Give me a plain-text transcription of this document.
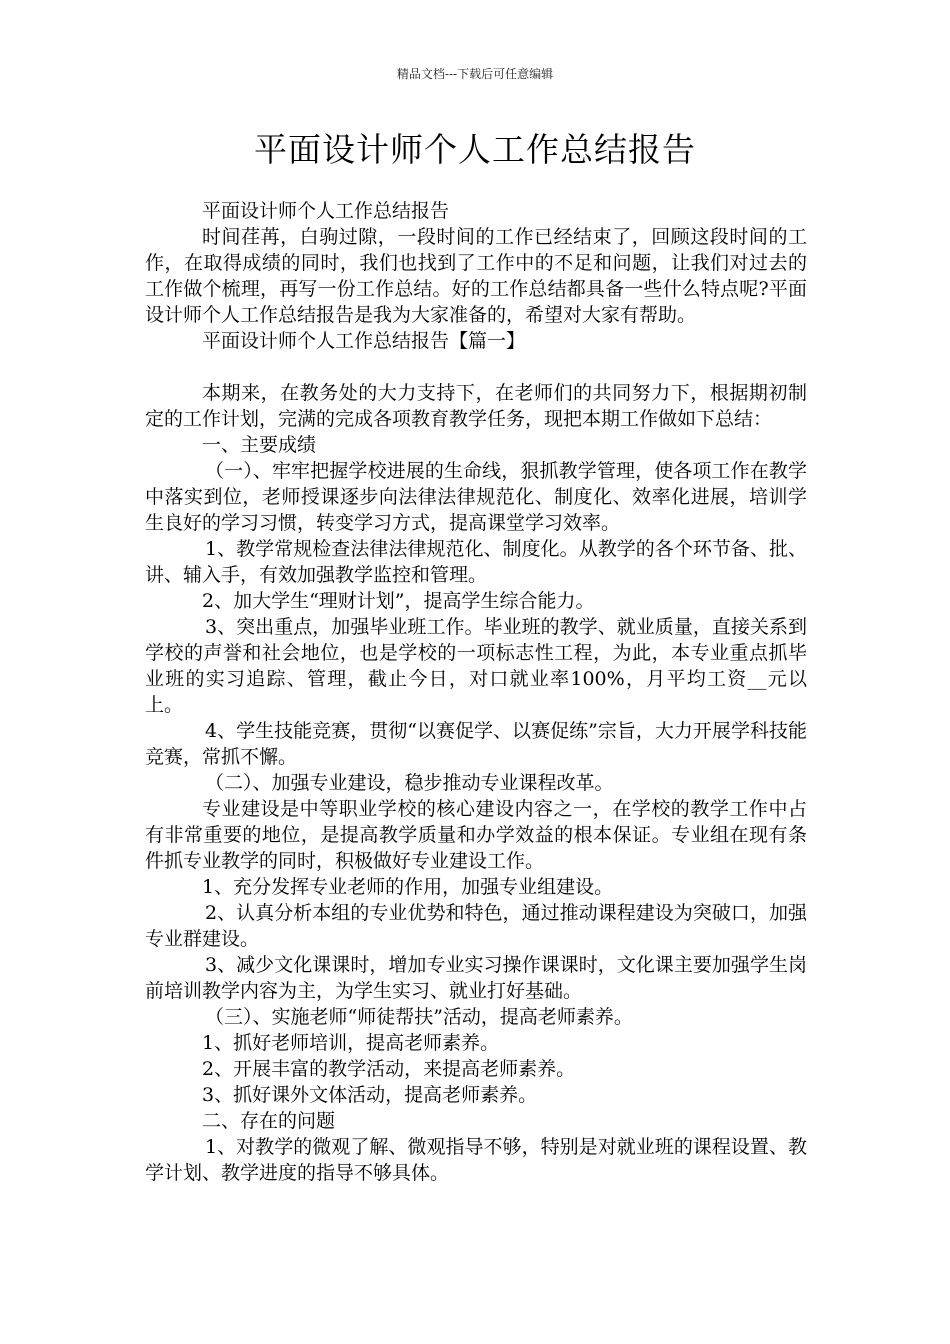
精品文档---下载后可任意编辑
平面设计师个人工作总结报告

平面设计师个人工作总结报告

时间荏苒，白驹过隙，一段时间的工作已经结束了，回顾这段时间的工作，在取得成绩的同时，我们也找到了工作中的不足和问题，让我们对过去的工作做个梳理，再写一份工作总结。好的工作总结都具备一些什么特点呢?平面设计师个人工作总结报告是我为大家准备的，希望对大家有帮助。

平面设计师个人工作总结报告【篇一】

本期来，在教务处的大力支持下，在老师们的共同努力下，根据期初制定的工作计划，完满的完成各项教育教学任务，现把本期工作做如下总结：

一、主要成绩

（一）、牢牢把握学校进展的生命线，狠抓教学管理，使各项工作在教学中落实到位，老师授课逐步向法律法律规范化、制度化、效率化进展，培训学生良好的学习习惯，转变学习方式，提高课堂学习效率。

1、教学常规检查法律法律规范化、制度化。从教学的各个环节备、批、讲、辅入手，有效加强教学监控和管理。

2、加大学生“理财计划”，提高学生综合能力。

3、突出重点，加强毕业班工作。毕业班的教学、就业质量，直接关系到学校的声誉和社会地位，也是学校的一项标志性工程，为此，本专业重点抓毕业班的实习追踪、管理，截止今日，对口就业率100%，月平均工资__元以上。

4、学生技能竞赛，贯彻“以赛促学、以赛促练”宗旨，大力开展学科技能竞赛，常抓不懈。

（二）、加强专业建设，稳步推动专业课程改革。

专业建设是中等职业学校的核心建设内容之一，在学校的教学工作中占有非常重要的地位，是提高教学质量和办学效益的根本保证。专业组在现有条件抓专业教学的同时，积极做好专业建设工作。

1、充分发挥专业老师的作用，加强专业组建设。

2、认真分析本组的专业优势和特色，通过推动课程建设为突破口，加强专业群建设。

3、减少文化课课时，增加专业实习操作课课时，文化课主要加强学生岗前培训教学内容为主，为学生实习、就业打好基础。

（三）、实施老师“师徒帮扶”活动，提高老师素养。

1、抓好老师培训，提高老师素养。

2、开展丰富的教学活动，来提高老师素养。

3、抓好课外文体活动，提高老师素养。

二、存在的问题

1、对教学的微观了解、微观指导不够，特别是对就业班的课程设置、教学计划、教学进度的指导不够具体。
